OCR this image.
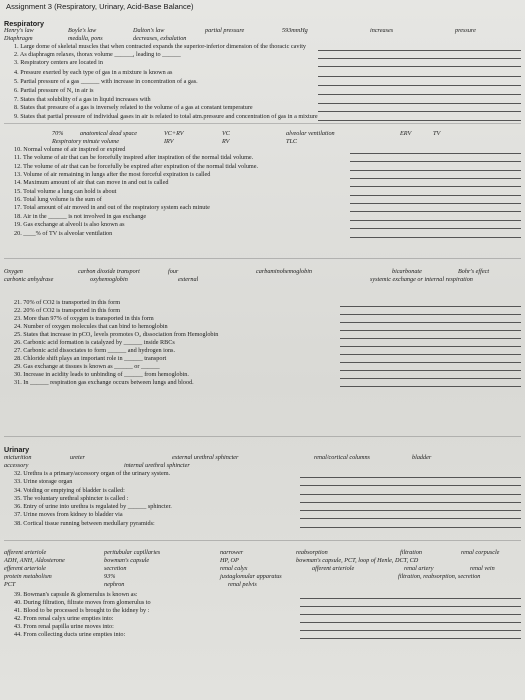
Assignment 3 (Respiratory, Urinary, Acid-Base Balance)
Respiratory
Henry's law	Boyle's law	Dalton's law	partial pressure	593mmHg	increases	pressure
Diaphragm	medulla, pons	decreases, exhalation
1. Large dome of skeletal muscles that when contracted expands the superior-inferior dimension of the thoracic cavity
2. As diaphragm relaxes, thorax volume ______, leading to ______
3. Respiratory centers are located in
4. Pressure exerted by each type of gas in a mixture is known as
5. Partial pressure of a gas ______ with increase in concentration of a gas.
6. Partial pressure of N₂ in air is
7. States that solubility of a gas in liquid increases with
8. States that pressure of a gas is inversely related to the volume of a gas at constant temperature
9. States that partial pressure of individual gases in air is related to total atm.pressure and concentration of gas in a mixture
70%	anatomical dead space	VC+RV	VC	alveolar ventilation	ERV	TV
Respiratory minute volume	IRV	RV	TLC
10. Normal volume of air inspired or expired
11. The volume of air that can be forcefully inspired after inspiration of the normal tidal volume.
12. The volume of air that can be forcefully be expired after expiration of the normal tidal volume.
13. Volume of air remaining in lungs after the most forceful expiration is called
14. Maximum amount of air that can move in and out is called
15. Total volume a lung can hold is about
16. Total lung volume is the sum of
17. Total amount of air moved in and out of the respiratory system each minute
18. Air in the ______ is not involved in gas exchange
19. Gas exchange at alveoli is also known as
20. ____% of TV is alveolar ventilation
Oxygen	carbon dioxide transport	four	carbaminohemoglobin	bicarbonate	Bohr's effect
carbonic anhydrase	oxyhemoglobin	external	systemic exchange or internal respiration
21. 70% of CO2 is transported in this form
22. 20% of CO2 is transported in this form
23. More than 97% of oxygen is transported in this form
24. Number of oxygen molecules that can bind to hemoglobin
25. States that increase in pCO₂ levels promotes O₂ dissociation from Hemoglobin
26. Carbonic acid formation is catalyzed by ______ inside RBCs
27. Carbonic acid dissociates to form ______ and hydrogen ions.
28. Chloride shift plays an important role in ______ transport
29. Gas exchange at tissues is known as ______ or ______
30. Increase in acidity leads to unbinding of ______ from hemoglobin.
31. In ______ respiration gas exchange occurs between lungs and blood.
Urinary
micturition	ureter	external urethral sphincter	renal/cortical columns	bladder
accessory	internal urethral sphincter
32. Urethra is a primary/accessory organ of the urinary system.
33. Urine storage organ
34. Voiding or emptying of bladder is called:
35. The voluntary urethral sphincter is called :
36. Entry of urine into urethra is regulated by ______ sphincter.
37. Urine moves from kidney to bladder via
38. Cortical tissue running between medullary pyramids:
afferent arteriole	peritubular capillaries	narrower	reabsorption	filtration	renal corpuscle
ADH, ANH, Aldosterone	bowman's capsule	HP, OP	bowman's capsule, PCT, loop of Henle, DCT, CD
efferent arteriole	secretion	renal calyx	afferent arteriole	renal artery	renal vein
protein metabolism	93%	juxtaglomular apparatus	filtration, reabsorption, secretion
PCT	nephron	renal pelvis
39. Bowman's capsule & glomerulus is known as:
40. During filtration, filtrate moves from glomerulus to
41. Blood to be processed is brought to the kidney by :
42. From renal calyx urine empties into:
43. From renal papilla urine moves into:
44. From collecting ducts urine empties into:
